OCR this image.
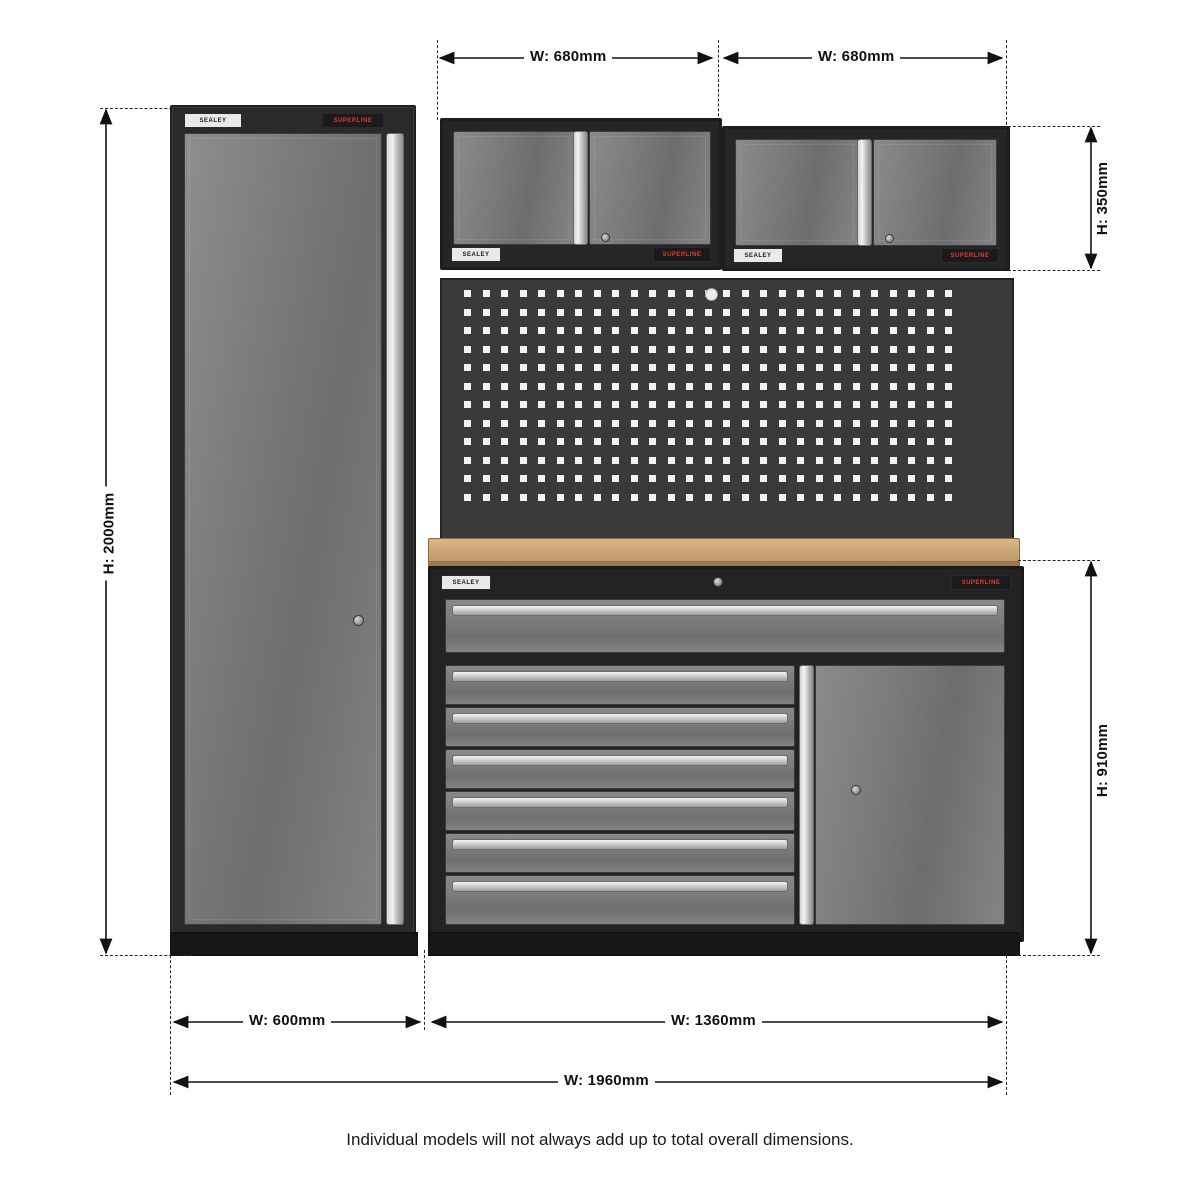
SEALEY	SUPERLINE
SEALEY	SUPERLINE	SEALEY	SUPERLINE
SEALEY	SUPERLINE
W: 680mm	W: 680mm
H: 350mm
H: 2000mm
H: 910mm
W: 600mm	W: 1360mm
W: 1960mm
Individual models will not always add up to total overall dimensions.
